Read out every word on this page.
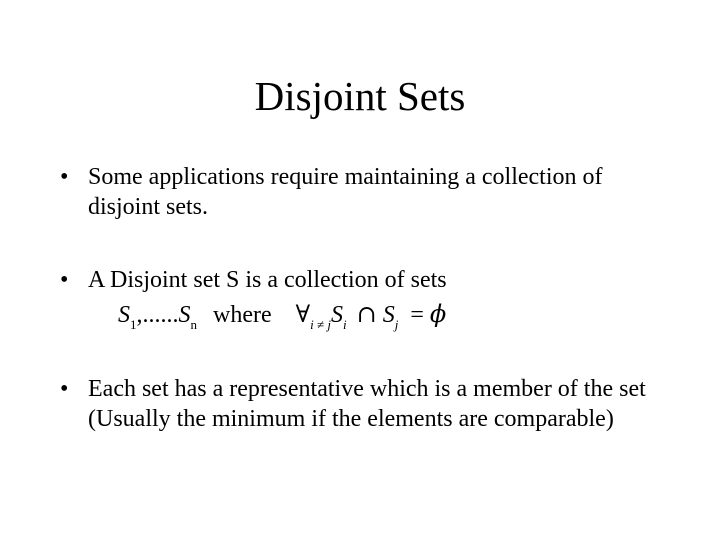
Disjoint Sets
• Some applications require maintaining a collection of disjoint sets.
• A Disjoint set S is a collection of sets
$S_1,......S_n$ where $\forall_{i \ne j}S_i$ ∩ $S_j = \phi$
• Each set has a representative which is a member of the set (Usually the minimum if the elements are comparable)
